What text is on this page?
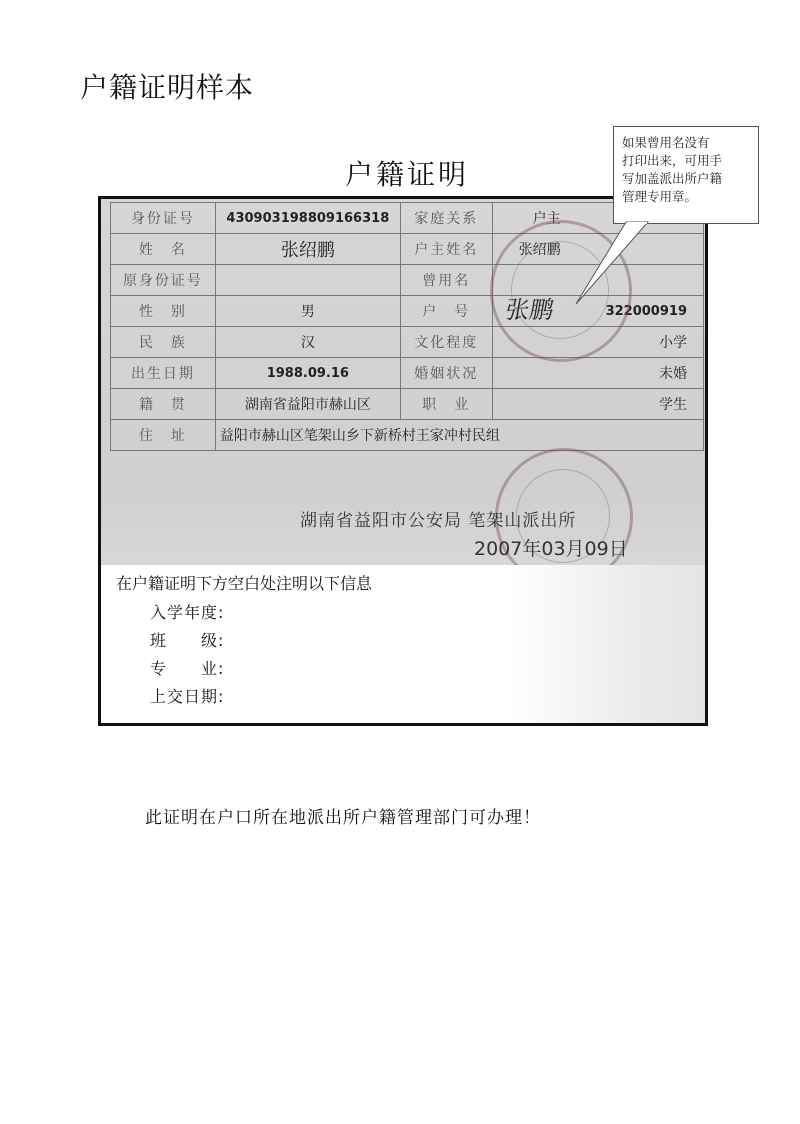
户籍证明样本
户籍证明
身份证号	430903198809166318	家庭关系	户主
姓　名	张绍鹏	户主姓名	张绍鹏
原身份证号		曾用名	
性　别	男	户　号	322000919
民　族	汉	文化程度	小学
出生日期	1988.09.16	婚姻状况	未婚
籍　贯	湖南省益阳市赫山区	职　业	学生
住　址	益阳市赫山区笔架山乡下新桥村王家冲村民组		
张鹏
湖南省益阳市公安局 笔架山派出所
2007年03月09日
在户籍证明下方空白处注明以下信息
入学年度:
班　　级:
专　　业:
上交日期:
如果曾用名没有
打印出来，可用手
写加盖派出所户籍
管理专用章。
此证明在户口所在地派出所户籍管理部门可办理！
